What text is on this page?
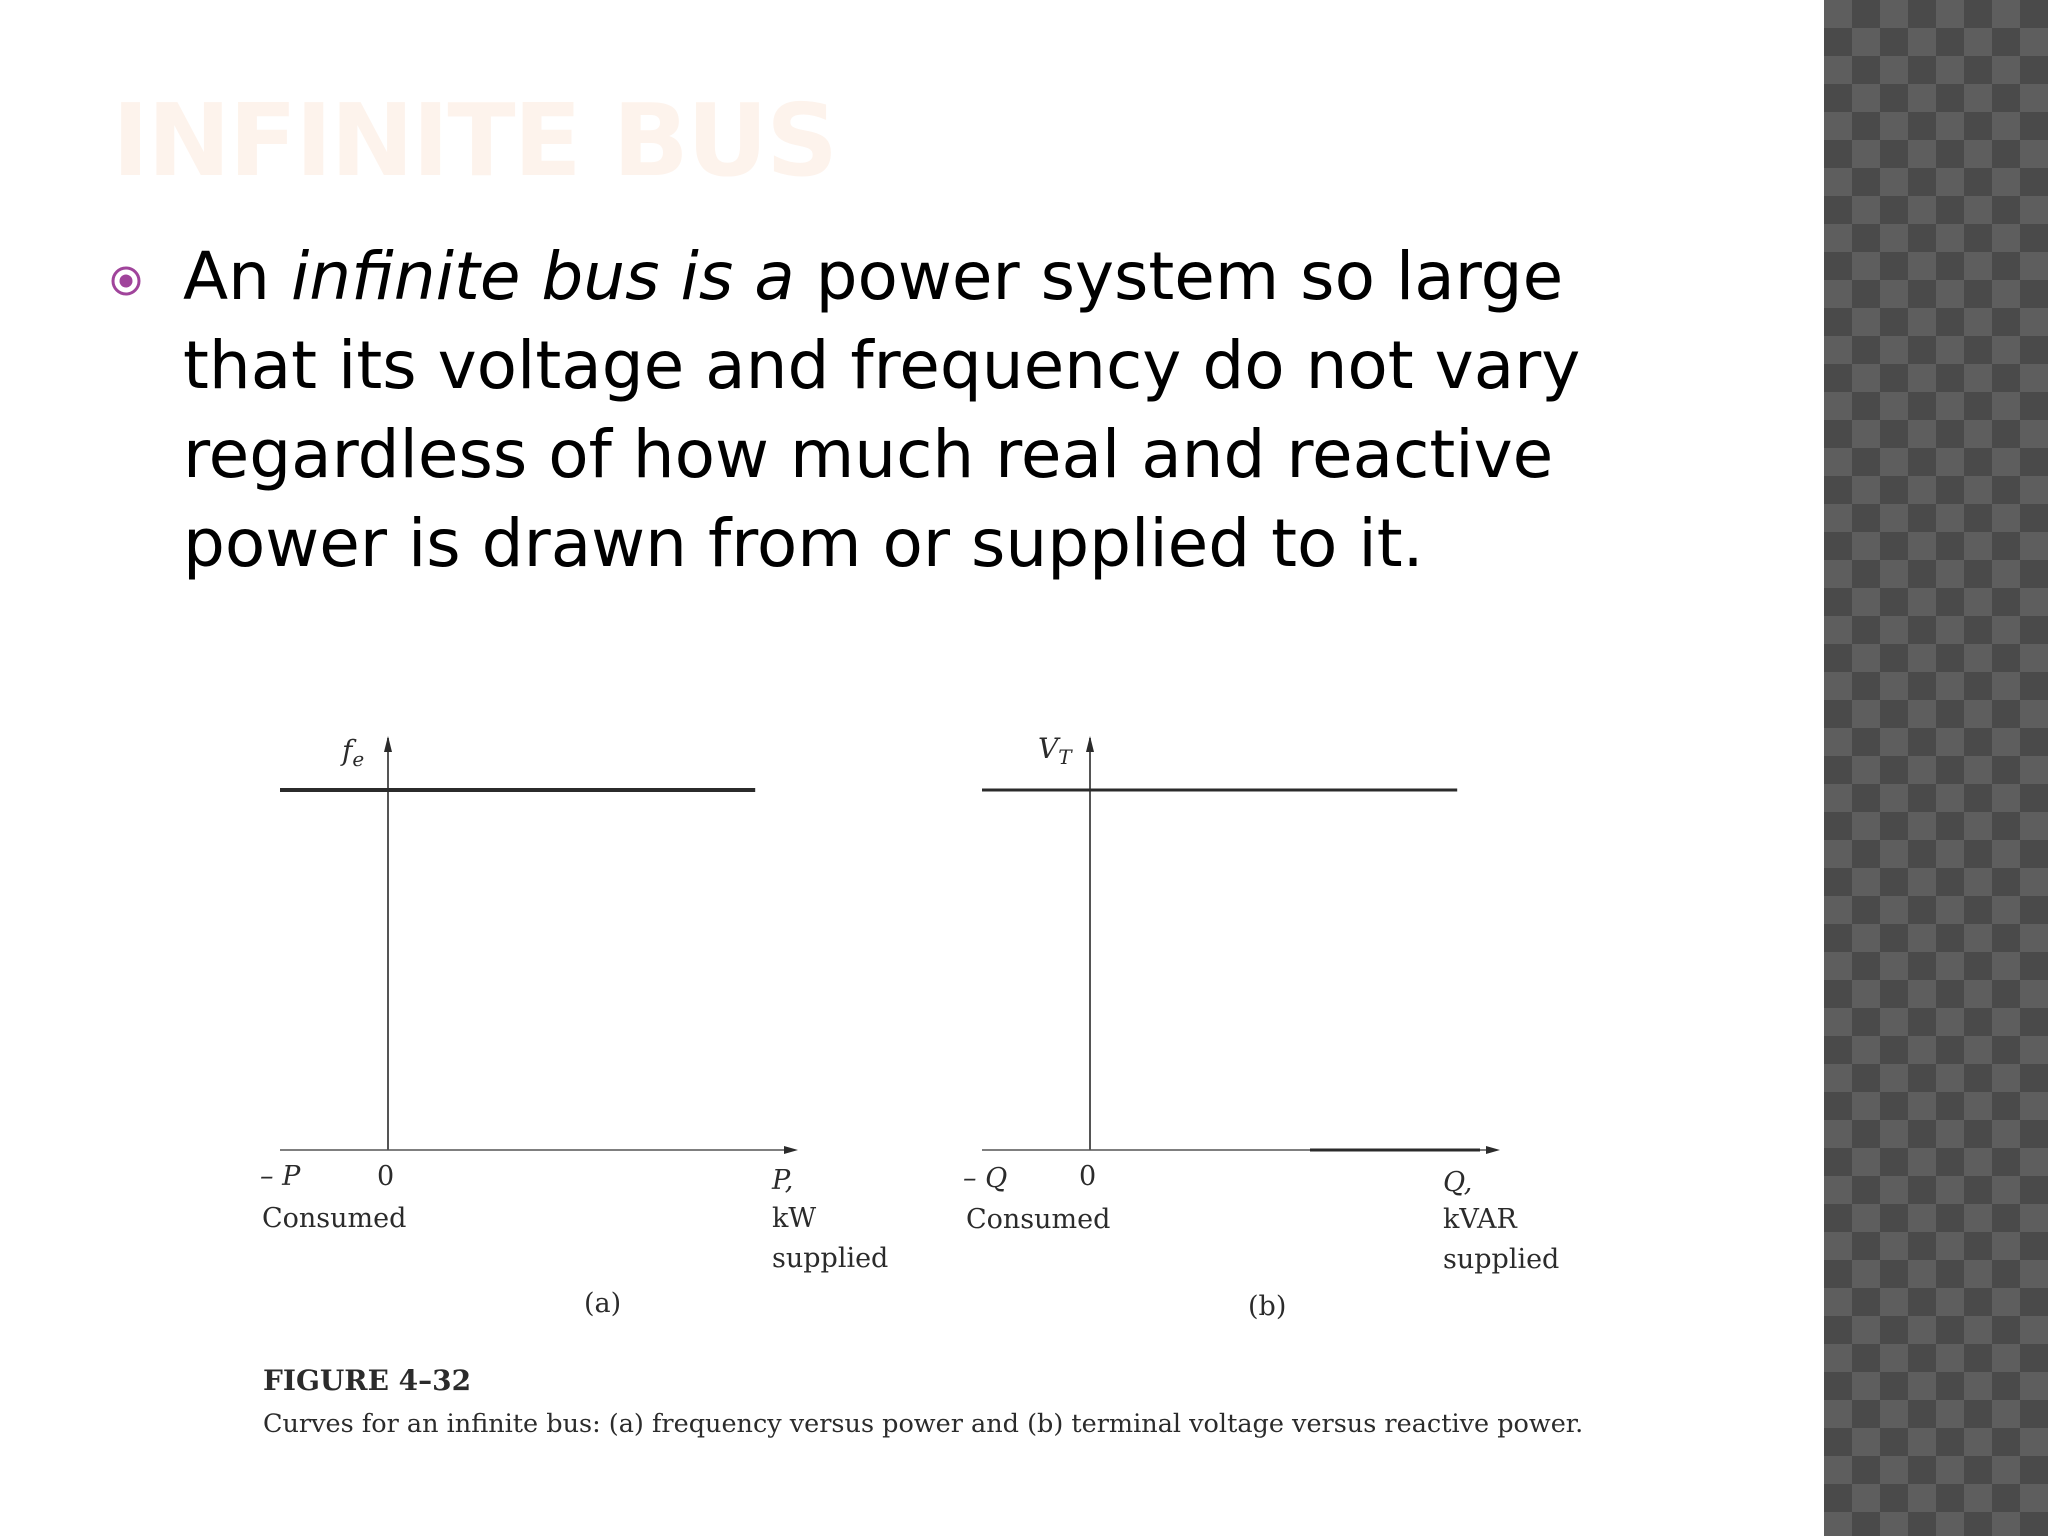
INFINITE BUS

An infinite bus is a power system so large that its voltage and frequency do not vary regardless of how much real and reactive power is drawn from or supplied to it.

$f_e$
– P	0
Consumed
P,
kW
supplied
(a)
$V_T$
– Q	0
Consumed
Q,
kVAR
supplied
(b)
FIGURE 4–32
Curves for an infinite bus: (a) frequency versus power and (b) terminal voltage versus reactive power.
